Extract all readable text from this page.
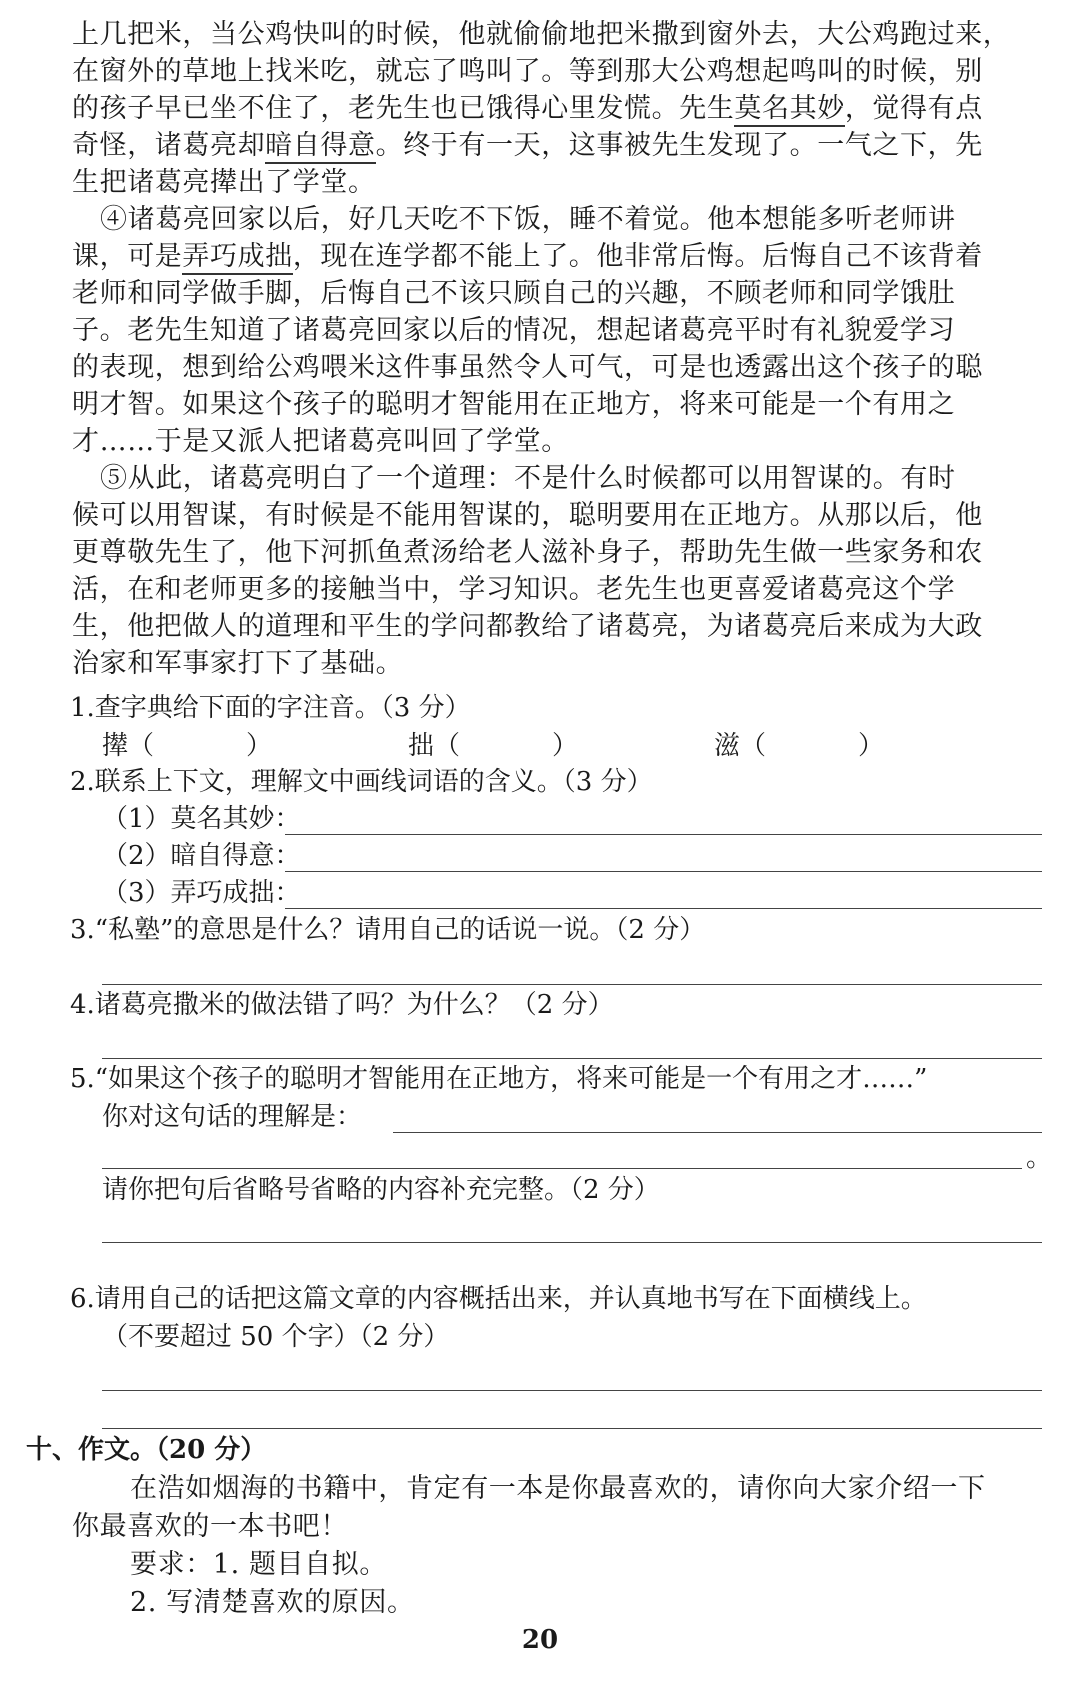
上几把米，当公鸡快叫的时候，他就偷偷地把米撒到窗外去，大公鸡跑过来，
在窗外的草地上找米吃，就忘了鸣叫了。等到那大公鸡想起鸣叫的时候，别
的孩子早已坐不住了，老先生也已饿得心里发慌。先生莫名其妙，觉得有点
奇怪，诸葛亮却暗自得意。终于有一天，这事被先生发现了。一气之下，先
生把诸葛亮撵出了学堂。
④诸葛亮回家以后，好几天吃不下饭，睡不着觉。他本想能多听老师讲
课，可是弄巧成拙，现在连学都不能上了。他非常后悔。后悔自己不该背着
老师和同学做手脚，后悔自己不该只顾自己的兴趣，不顾老师和同学饿肚
子。老先生知道了诸葛亮回家以后的情况，想起诸葛亮平时有礼貌爱学习
的表现，想到给公鸡喂米这件事虽然令人可气，可是也透露出这个孩子的聪
明才智。如果这个孩子的聪明才智能用在正地方，将来可能是一个有用之
才……于是又派人把诸葛亮叫回了学堂。
⑤从此，诸葛亮明白了一个道理：不是什么时候都可以用智谋的。有时
候可以用智谋，有时候是不能用智谋的，聪明要用在正地方。从那以后，他
更尊敬先生了，他下河抓鱼煮汤给老人滋补身子，帮助先生做一些家务和农
活，在和老师更多的接触当中，学习知识。老先生也更喜爱诸葛亮这个学
生，他把做人的道理和平生的学问都教给了诸葛亮，为诸葛亮后来成为大政
治家和军事家打下了基础。
1.查字典给下面的字注音。（3 分）
撵（	）	拙（	）	滋（	）
2.联系上下文，理解文中画线词语的含义。（3 分）
（1）莫名其妙：
（2）暗自得意：
（3）弄巧成拙：
3.“私塾”的意思是什么？请用自己的话说一说。（2 分）
4.诸葛亮撒米的做法错了吗？为什么？（2 分）
5.“如果这个孩子的聪明才智能用在正地方，将来可能是一个有用之才……”
你对这句话的理解是：
。
请你把句后省略号省略的内容补充完整。（2 分）
6.请用自己的话把这篇文章的内容概括出来，并认真地书写在下面横线上。
（不要超过 50 个字）（2 分）
十、作文。（20 分）
在浩如烟海的书籍中，肯定有一本是你最喜欢的，请你向大家介绍一下
你最喜欢的一本书吧！
要求：1. 题目自拟。
2. 写清楚喜欢的原因。
20
